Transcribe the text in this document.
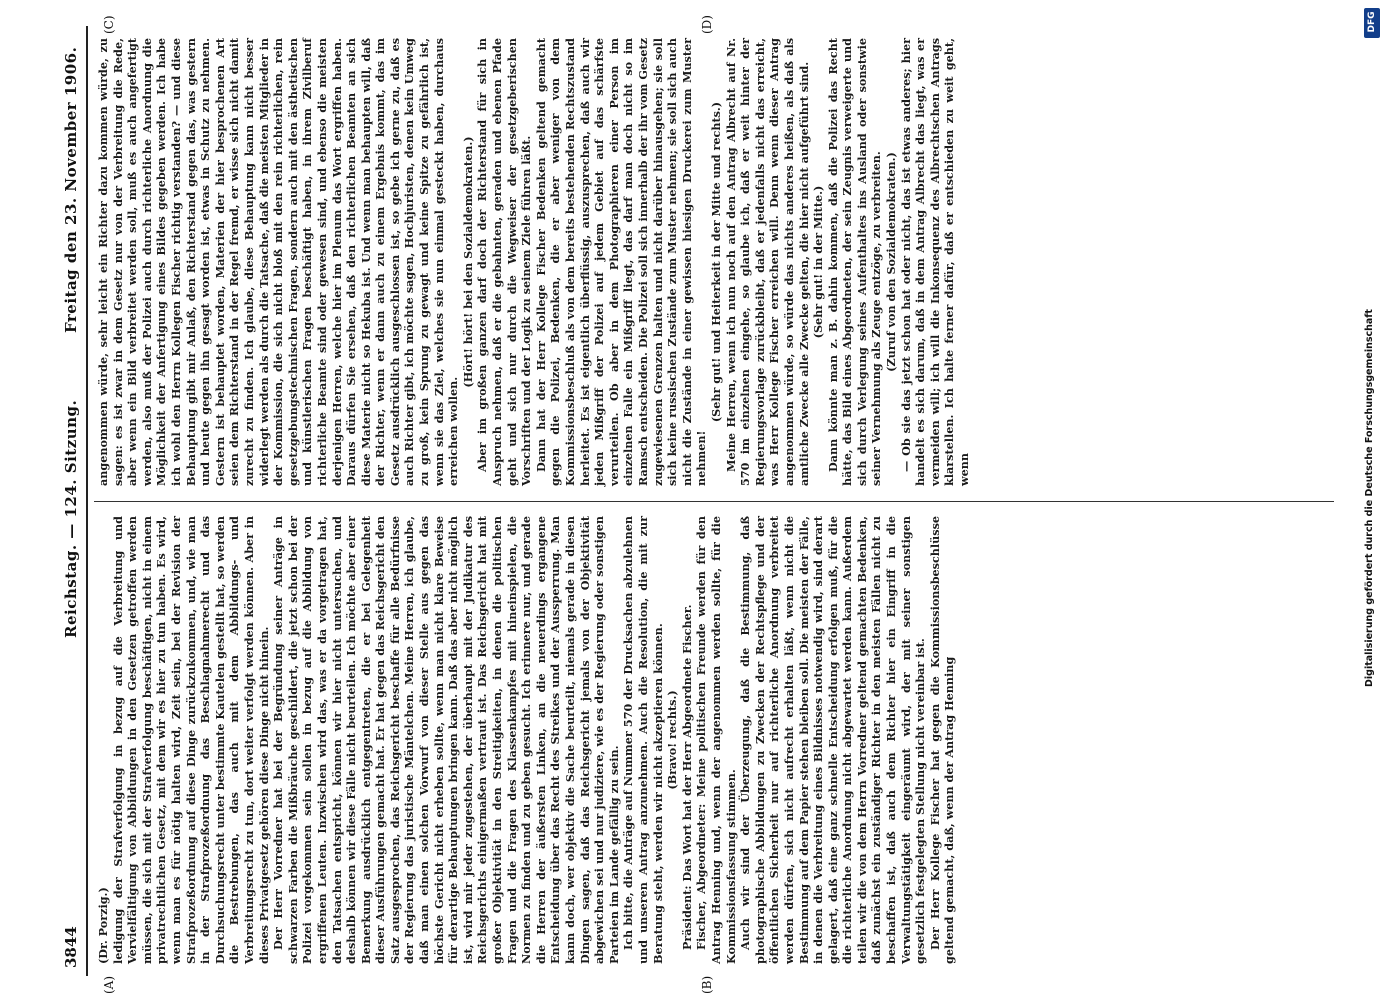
3844
Reichstag. — 124. Sitzung.
Freitag den 23. November 1906.
(A)	(B)
(C)	(D)

(Dr. Porzig.) ledigung der Strafverfolgung in bezug auf die Verbreitung und Vervielfältigung von Abbildungen in den Gesetzen getroffen werden müssen, die sich mit der Strafverfolgung beschäftigen, nicht in einem privatrechtlichen Gesetz, mit dem wir es hier zu tun haben. Es wird, wenn man es für nötig halten wird, Zeit sein, bei der Revision der Strafprozeßordnung auf diese Dinge zurückzukommen, und, wie man in der Strafprozeßordnung das Beschlagnahmerecht und das Durchsuchungsrecht unter bestimmte Kautelen gestellt hat, so werden die Bestrebungen, das auch mit dem Abbildungs- und Verbreitungsrecht zu tun, dort weiter verfolgt werden können. Aber in dieses Privatgesetz gehören diese Dinge nicht hinein. Der Herr Vorredner hat bei der Begründung seiner Anträge in schwarzen Farben die Mißbräuche geschildert, die jetzt schon bei der Polizei vorgekommen sein sollen in bezug auf die Abbildung von ergriffenen Leuten. Inzwischen wird das, was er da vorgetragen hat, den Tatsachen entspricht, können wir hier nicht untersuchen, und deshalb können wir diese Fälle nicht beurteilen. Ich möchte aber einer Bemerkung ausdrücklich entgegentreten, die er bei Gelegenheit dieser Ausführungen gemacht hat. Er hat gegen das Reichsgericht den Satz ausgesprochen, das Reichsgericht beschaffe für alle Bedürfnisse der Regierung das juristische Mäntelchen. Meine Herren, ich glaube, daß man einen solchen Vorwurf von dieser Stelle aus gegen das höchste Gericht nicht erheben sollte, wenn man nicht klare Beweise für derartige Behauptungen bringen kann. Daß das aber nicht möglich ist, wird mir jeder zugestehen, der überhaupt mit der Judikatur des Reichsgerichts einigermaßen vertraut ist. Das Reichsgericht hat mit großer Objektivität in den Streitigkeiten, in denen die politischen Fragen und die Fragen des Klassenkampfes mit hineinspielen, die Normen zu finden und zu geben gesucht. Ich erinnere nur, und gerade die Herren der äußersten Linken, an die neuerdings ergangene Entscheidung über das Recht des Streikes und der Aussperrung. Man kann doch, wer objektiv die Sache beurteilt, niemals gerade in diesen Dingen sagen, daß das Reichsgericht jemals von der Objektivität abgewichen sei und nur judiziere, wie es der Regierung oder sonstigen Parteien im Lande gefällig zu sein. Ich bitte, die Anträge auf Nummer 570 der Drucksachen abzulehnen und unseren Antrag anzunehmen. Auch die Resolution, die mit zur Beratung steht, werden wir nicht akzeptieren können. (Bravo! rechts.) Präsident: Das Wort hat der Herr Abgeordnete Fischer. Fischer, Abgeordneter: Meine politischen Freunde werden für den Antrag Henning und, wenn der angenommen werden sollte, für die Kommissionsfassung stimmen. Auch wir sind der Überzeugung, daß die Bestimmung, daß photographische Abbildungen zu Zwecken der Rechtspflege und der öffentlichen Sicherheit nur auf richterliche Anordnung verbreitet werden dürfen, sich nicht aufrecht erhalten läßt, wenn nicht die Bestimmung auf dem Papier stehen bleiben soll. Die meisten der Fälle, in denen die Verbreitung eines Bildnisses notwendig wird, sind derart gelagert, daß eine ganz schnelle Entscheidung erfolgen muß, für die die richterliche Anordnung nicht abgewartet werden kann. Außerdem teilen wir die von dem Herrn Vorredner geltend gemachten Bedenken, daß zunächst ein zuständiger Richter in den meisten Fällen nicht zu beschaffen ist, daß auch dem Richter hier ein Eingriff in die Verwaltungstätigkeit eingeräumt wird, der mit seiner sonstigen gesetzlich festgelegten Stellung nicht vereinbar ist. Der Herr Kollege Fischer hat gegen die Kommissionsbeschlüsse geltend gemacht, daß, wenn der Antrag Henning

angenommen würde, sehr leicht ein Richter dazu kommen würde, zu sagen: es ist zwar in dem Gesetz nur von der Verbreitung die Rede, aber wenn ein Bild verbreitet werden soll, muß es auch angefertigt werden, also muß der Polizei auch durch richterliche Anordnung die Möglichkeit der Anfertigung eines Bildes gegeben werden. Ich habe ich wohl den Herrn Kollegen Fischer richtig verstanden? — und diese Behauptung gibt mir Anlaß, den Richterstand gegen das, was gestern und heute gegen ihn gesagt worden ist, etwas in Schutz zu nehmen. Gestern ist behauptet worden, Materien der hier besprochenen Art seien dem Richterstand in der Regel fremd, er wisse sich nicht damit zurecht zu finden. Ich glaube, diese Behauptung kann nicht besser widerlegt werden als durch die Tatsache, daß die meisten Mitglieder in der Kommission, die sich nicht bloß mit den rein richterlichen, rein gesetzgebungstechnischen Fragen, sondern auch mit den ästhetischen und künstlerischen Fragen beschäftigt haben, in ihrem Zivilberuf richterliche Beamte sind oder gewesen sind, und ebenso die meisten derjenigen Herren, welche hier im Plenum das Wort ergriffen haben. Daraus dürfen Sie ersehen, daß den richterlichen Beamten an sich diese Materie nicht so Hekuba ist. Und wenn man behaupten will, daß der Richter, wenn er dann auch zu einem Ergebnis kommt, das im Gesetz ausdrücklich ausgeschlossen ist, so gebe ich gerne zu, daß es auch Richter gibt, ich möchte sagen, Hochjuristen, denen kein Umweg zu groß, kein Sprung zu gewagt und keine Spitze zu gefährlich ist, wenn sie das Ziel, welches sie nun einmal gesteckt haben, durchaus erreichen wollen.

(Hört! hört! bei den Sozialdemokraten.) Aber im großen ganzen darf doch der Richterstand für sich in Anspruch nehmen, daß er die gebahnten, geraden und ebenen Pfade geht und sich nur durch die Wegweiser der gesetzgeberischen Vorschriften und der Logik zu seinem Ziele führen läßt. Dann hat der Herr Kollege Fischer Bedenken geltend gemacht gegen die Polizei, Bedenken, die er aber weniger von dem Kommissionsbeschluß als von dem bereits bestehenden Rechtszustand herleitet. Es ist eigentlich überflüssig, auszusprechen, daß auch wir jeden Mißgriff der Polizei auf jedem Gebiet auf das schärfste verurteilen. Ob aber in dem Photographieren einer Person im einzelnen Falle ein Mißgriff liegt, das darf man doch nicht so im Ramsch entscheiden. Die Polizei soll sich innerhalb der ihr vom Gesetz zugewiesenen Grenzen halten und nicht darüber hinausgehen; sie soll sich keine russischen Zustände zum Muster nehmen; sie soll sich auch nicht die Zustände in einer gewissen hiesigen Druckerei zum Muster nehmen!

(Sehr gut! und Heiterkeit in der Mitte und rechts.) Meine Herren, wenn ich nun noch auf den Antrag Albrecht auf Nr. 570 im einzelnen eingehe, so glaube ich, daß er weit hinter der Regierungsvorlage zurückbleibt, daß er jedenfalls nicht das erreicht, was Herr Kollege Fischer erreichen will. Denn wenn dieser Antrag angenommen würde, so würde das nichts anderes heißen, als daß als amtliche Zwecke alle Zwecke gelten, die hier nicht aufgeführt sind. (Sehr gut! in der Mitte.) Dann könnte man z. B. dahin kommen, daß die Polizei das Recht hätte, das Bild eines Abgeordneten, der sein Zeugnis verweigerte und sich durch Verlegung seines Aufenthaltes ins Ausland oder sonstwie seiner Vernehmung als Zeuge entzöge, zu verbreiten. (Zuruf von den Sozialdemokraten.) — Ob sie das jetzt schon hat oder nicht, das ist etwas anderes; hier handelt es sich darum, daß in dem Antrag Albrecht das liegt, was er vermeiden will; ich will die Inkonsequenz des Albrechtschen Antrags klarstellen. Ich halte ferner dafür, daß er entschieden zu weit geht, wenn	Digitalisierung gefördert durch die Deutsche Forschungsgemeinschaft
DFG
